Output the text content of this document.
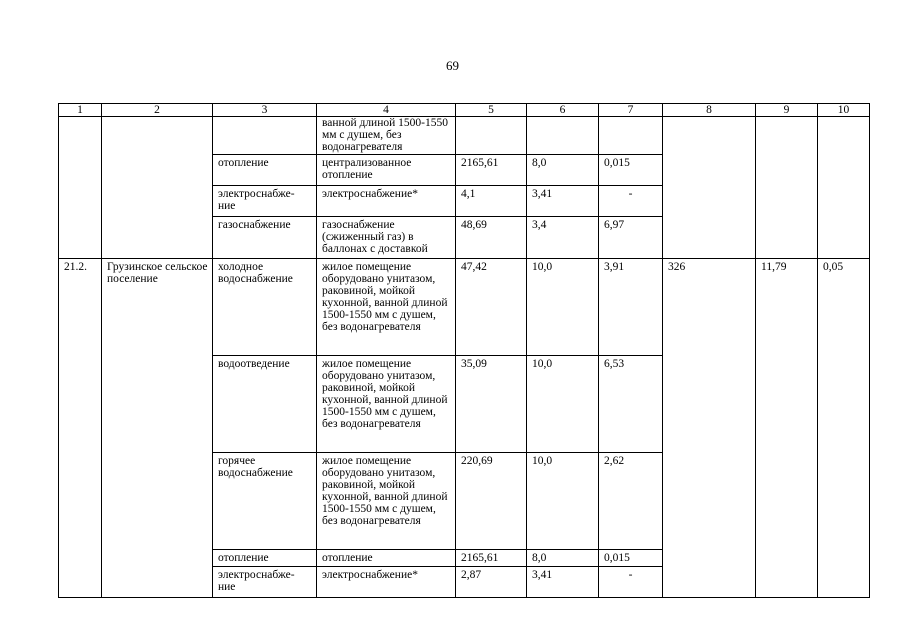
69
1	2	3	4	5	6	7	8	9	10

			ванной длиной 1500-1550 мм с душем, без водонагревателя						

		отопление	централизованное отопление	2165,61	8,0	0,015			

		электроснабже-ние	электроснабжение*	4,1	3,41	-			

		газоснабжение	газоснабжение (сжиженный газ) в баллонах с доставкой	48,69	3,4	6,97			

21.2.	Грузинское сельское поселение	холодное водоснабжение	жилое помещение оборудовано унитазом, раковиной, мойкой кухонной, ванной длиной 1500-1550 мм с душем, без водонагревателя	47,42	10,0	3,91	326	11,79	0,05

		водоотведение	жилое помещение оборудовано унитазом, раковиной, мойкой кухонной, ванной длиной 1500-1550 мм с душем, без водонагревателя	35,09	10,0	6,53			

		горячее водоснабжение	жилое помещение оборудовано унитазом, раковиной, мойкой кухонной, ванной длиной 1500-1550 мм с душем, без водонагревателя	220,69	10,0	2,62			

		отопление	отопление	2165,61	8,0	0,015			

		электроснабже-ние	электроснабжение*	2,87	3,41	-			
